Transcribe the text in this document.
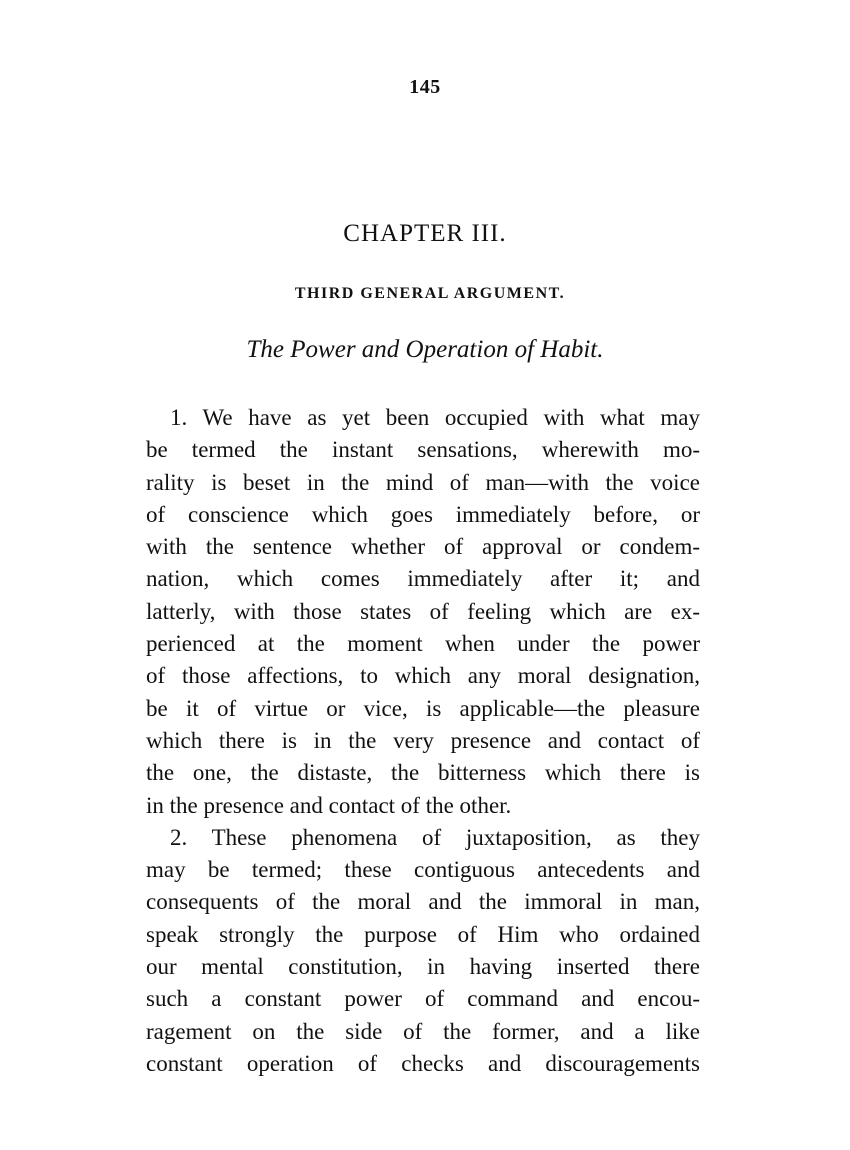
145
CHAPTER III.
THIRD GENERAL ARGUMENT.
The Power and Operation of Habit.
1. We have as yet been occupied with what may
be termed the instant sensations, wherewith mo-
rality is beset in the mind of man—with the voice
of conscience which goes immediately before, or
with the sentence whether of approval or condem-
nation, which comes immediately after it; and
latterly, with those states of feeling which are ex-
perienced at the moment when under the power
of those affections, to which any moral designation,
be it of virtue or vice, is applicable—the pleasure
which there is in the very presence and contact of
the one, the distaste, the bitterness which there is
in the presence and contact of the other.
2. These phenomena of juxtaposition, as they
may be termed; these contiguous antecedents and
consequents of the moral and the immoral in man,
speak strongly the purpose of Him who ordained
our mental constitution, in having inserted there
such a constant power of command and encou-
ragement on the side of the former, and a like
constant operation of checks and discouragements
